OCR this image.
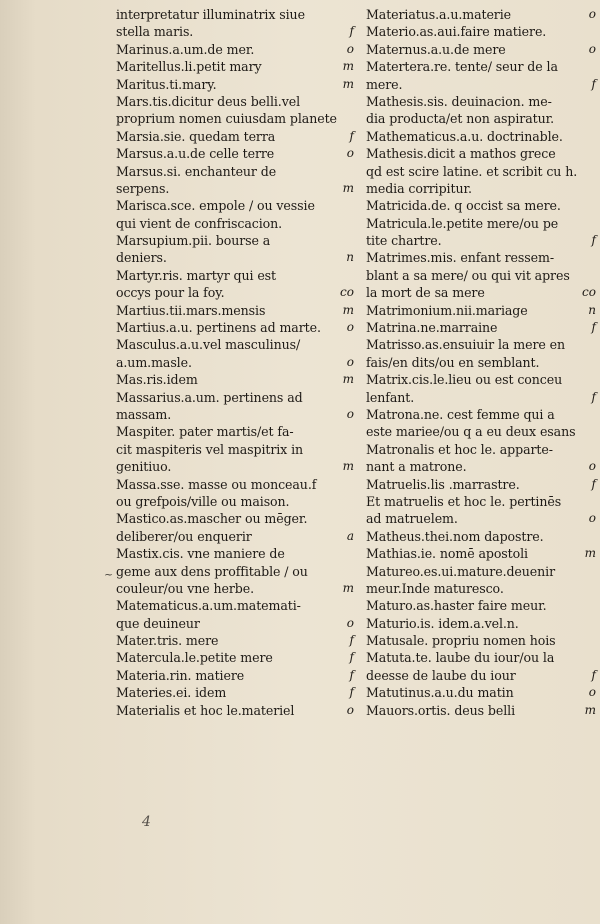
interpretatur illuminatrix siue
stella maris.	f
Marinus.a.um.de mer.	o
Maritellus.li.petit mary	m
Maritus.ti.mary.	m
Mars.tis.dicitur deus belli.vel
proprium nomen cuiusdam planete
Marsia.sie. quedam terra	f
Marsus.a.u.de celle terre	o
Marsus.si. enchanteur de
serpens.	m
Marisca.sce. empole / ou vessie
qui vient de confriscacion.
Marsupium.pii. bourse a
deniers.	n
Martyr.ris. martyr qui est
occys pour la foy.	co
Martius.tii.mars.mensis	m
Martius.a.u. pertinens ad marte. o
Masculus.a.u.vel masculinus/
a.um.masle.	o
Mas.ris.idem	m
Massarius.a.um. pertinens ad
massam.	o
Maspiter. pater martis/et fa-
cit maspiteris vel maspitrix in
genitiuo.	m
Massa.sse. masse ou monceau.f
ou grefpois/ville ou maison.
Mastico.as.mascher ou mēger.
deliberer/ou enquerir	a
Mastix.cis. vne maniere de
geme aux dens proffitable / ou
couleur/ou vne herbe.	m
Matematicus.a.um.matemati-
que deuineur	o
Mater.tris. mere	f
Matercula.le.petite mere	f
Materia.rin. matiere	f
Materies.ei. idem	f
Materialis et hoc le.materiel	o
Materiatus.a.u.materie	o
Materio.as.aui.faire matiere.
Maternus.a.u.de mere	o
Matertera.re. tente/ seur de la
mere.	f
Mathesis.sis. deuinacion. me-
dia producta/et non aspiratur.
Mathematicus.a.u. doctrinable.
Mathesis.dicit a mathos grece
qd est scire latine. et scribit cu h.
media corripitur.
Matricida.de. q occist sa mere.
Matricula.le.petite mere/ou pe
tite chartre.	f
Matrimes.mis. enfant ressem-
blant a sa mere/ ou qui vit apres
la mort de sa mere	co
Matrimonium.nii.mariage	n
Matrina.ne.marraine	f
Matrisso.as.ensuiuir la mere en
fais/en dits/ou en semblant.
Matrix.cis.le.lieu ou est conceu
lenfant.	f
Matrona.ne. cest femme qui a
este mariee/ou q a eu deux esans
Matronalis et hoc le. apparte-
nant a matrone.	o
Matruelis.lis .marrastre.	f
Et matruelis et hoc le. pertinēs
ad matruelem.	o
Matheus.thei.nom dapostre.
Mathias.ie. nomē apostoli	m
Matureo.es.ui.mature.deuenir
meur.Inde maturesco.
Maturo.as.haster faire meur.
Maturio.is. idem.a.vel.n.
Matusale. propriu nomen hois
Matuta.te. laube du iour/ou la
deesse de laube du iour	f
Matutinus.a.u.du matin	o
Mauors.ortis. deus belli	m
~
4
